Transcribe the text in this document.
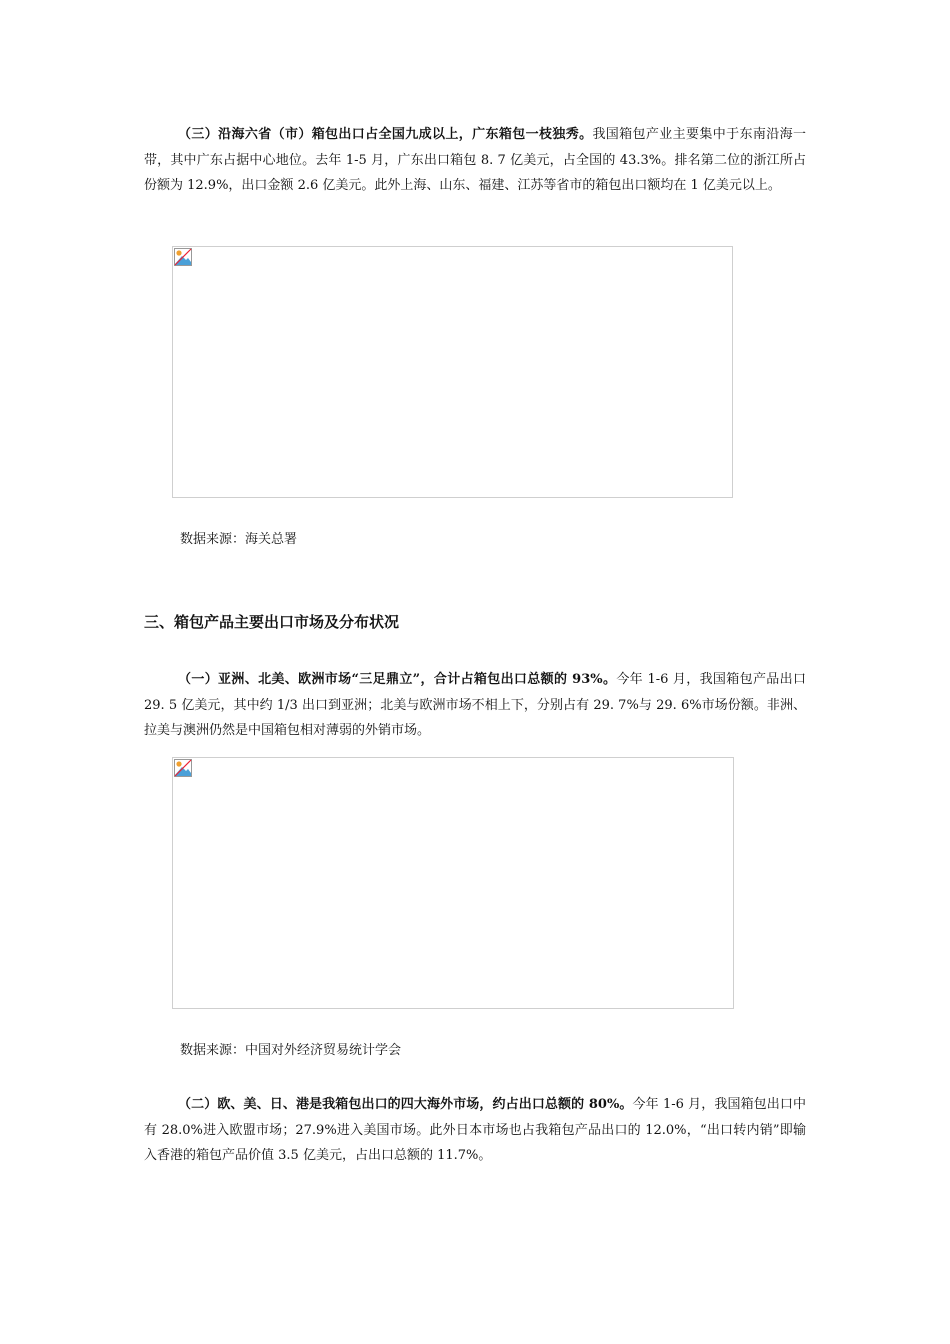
（三）沿海六省（市）箱包出口占全国九成以上，广东箱包一枝独秀。我国箱包产业主要集中于东南沿海一带，其中广东占据中心地位。去年 1-5 月，广东出口箱包 8. 7 亿美元，占全国的 43.3%。排名第二位的浙江所占份额为 12.9%，出口金额 2.6 亿美元。此外上海、山东、福建、江苏等省市的箱包出口额均在 1 亿美元以上。

数据来源：海关总署

三、箱包产品主要出口市场及分布状况

（一）亚洲、北美、欧洲市场“三足鼎立”，合计占箱包出口总额的 93%。今年 1-6 月，我国箱包产品出口 29. 5 亿美元，其中约 1/3 出口到亚洲；北美与欧洲市场不相上下，分别占有 29. 7%与 29. 6%市场份额。非洲、拉美与澳洲仍然是中国箱包相对薄弱的外销市场。

数据来源：中国对外经济贸易统计学会

（二）欧、美、日、港是我箱包出口的四大海外市场，约占出口总额的 80%。今年 1-6 月，我国箱包出口中有 28.0%进入欧盟市场；27.9%进入美国市场。此外日本市场也占我箱包产品出口的 12.0%，“出口转内销”即输入香港的箱包产品价值 3.5 亿美元，占出口总额的 11.7%。
